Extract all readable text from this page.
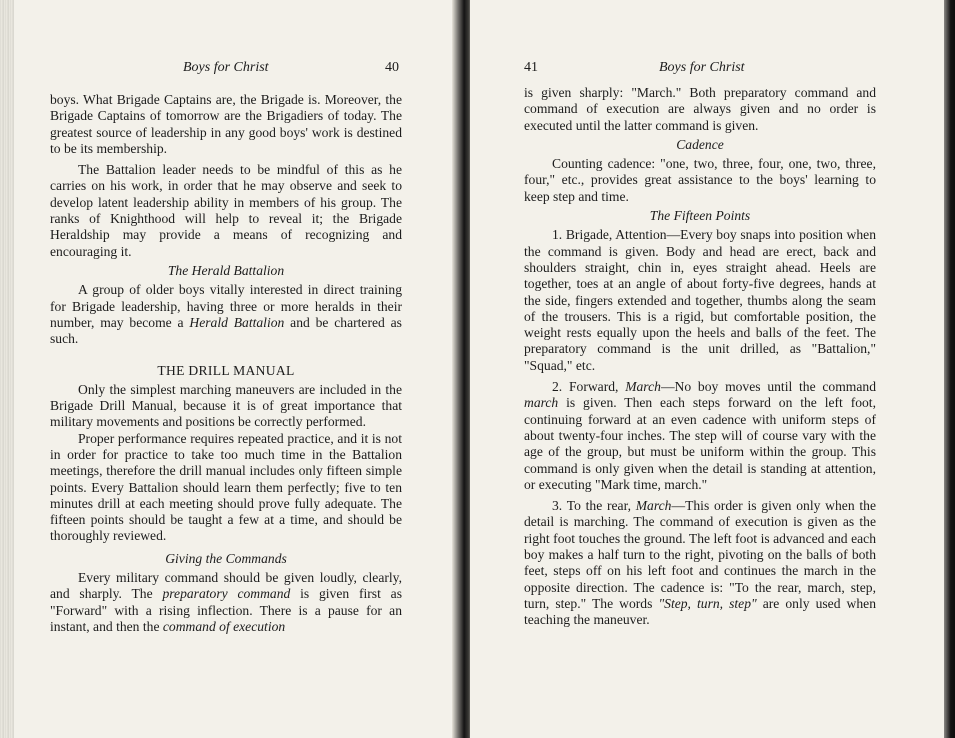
Boys for Christ	40

boys. What Brigade Captains are, the Brigade is. Moreover, the Brigade Captains of tomorrow are the Brigadiers of today. The greatest source of leadership in any good boys' work is destined to be its membership.

The Battalion leader needs to be mindful of this as he carries on his work, in order that he may observe and seek to develop latent leadership ability in members of his group. The ranks of Knighthood will help to reveal it; the Brigade Heraldship may provide a means of recognizing and encouraging it.

The Herald Battalion

A group of older boys vitally interested in direct training for Brigade leadership, having three or more heralds in their number, may become a Herald Battalion and be chartered as such.

THE DRILL MANUAL

Only the simplest marching maneuvers are included in the Brigade Drill Manual, because it is of great importance that military movements and positions be correctly performed.

Proper performance requires repeated practice, and it is not in order for practice to take too much time in the Battalion meetings, therefore the drill manual includes only fifteen simple points. Every Battalion should learn them perfectly; five to ten minutes drill at each meeting should prove fully adequate. The fifteen points should be taught a few at a time, and should be thoroughly reviewed.

Giving the Commands

Every military command should be given loudly, clearly, and sharply. The preparatory command is given first as "Forward" with a rising inflection. There is a pause for an instant, and then the command of execution

41	Boys for Christ

is given sharply: "March." Both preparatory command and command of execution are always given and no order is executed until the latter command is given.

Cadence

Counting cadence: "one, two, three, four, one, two, three, four," etc., provides great assistance to the boys' learning to keep step and time.

The Fifteen Points

1. Brigade, Attention—Every boy snaps into position when the command is given. Body and head are erect, back and shoulders straight, chin in, eyes straight ahead. Heels are together, toes at an angle of about forty-five degrees, hands at the side, fingers extended and together, thumbs along the seam of the trousers. This is a rigid, but comfortable position, the weight rests equally upon the heels and balls of the feet. The preparatory command is the unit drilled, as "Battalion," "Squad," etc.

2. Forward, March—No boy moves until the command march is given. Then each steps forward on the left foot, continuing forward at an even cadence with uniform steps of about twenty-four inches. The step will of course vary with the age of the group, but must be uniform within the group. This command is only given when the detail is standing at attention, or executing "Mark time, march."

3. To the rear, March—This order is given only when the detail is marching. The command of execution is given as the right foot touches the ground. The left foot is advanced and each boy makes a half turn to the right, pivoting on the balls of both feet, steps off on his left foot and continues the march in the opposite direction. The cadence is: "To the rear, march, step, turn, step." The words "Step, turn, step" are only used when teaching the maneuver.
